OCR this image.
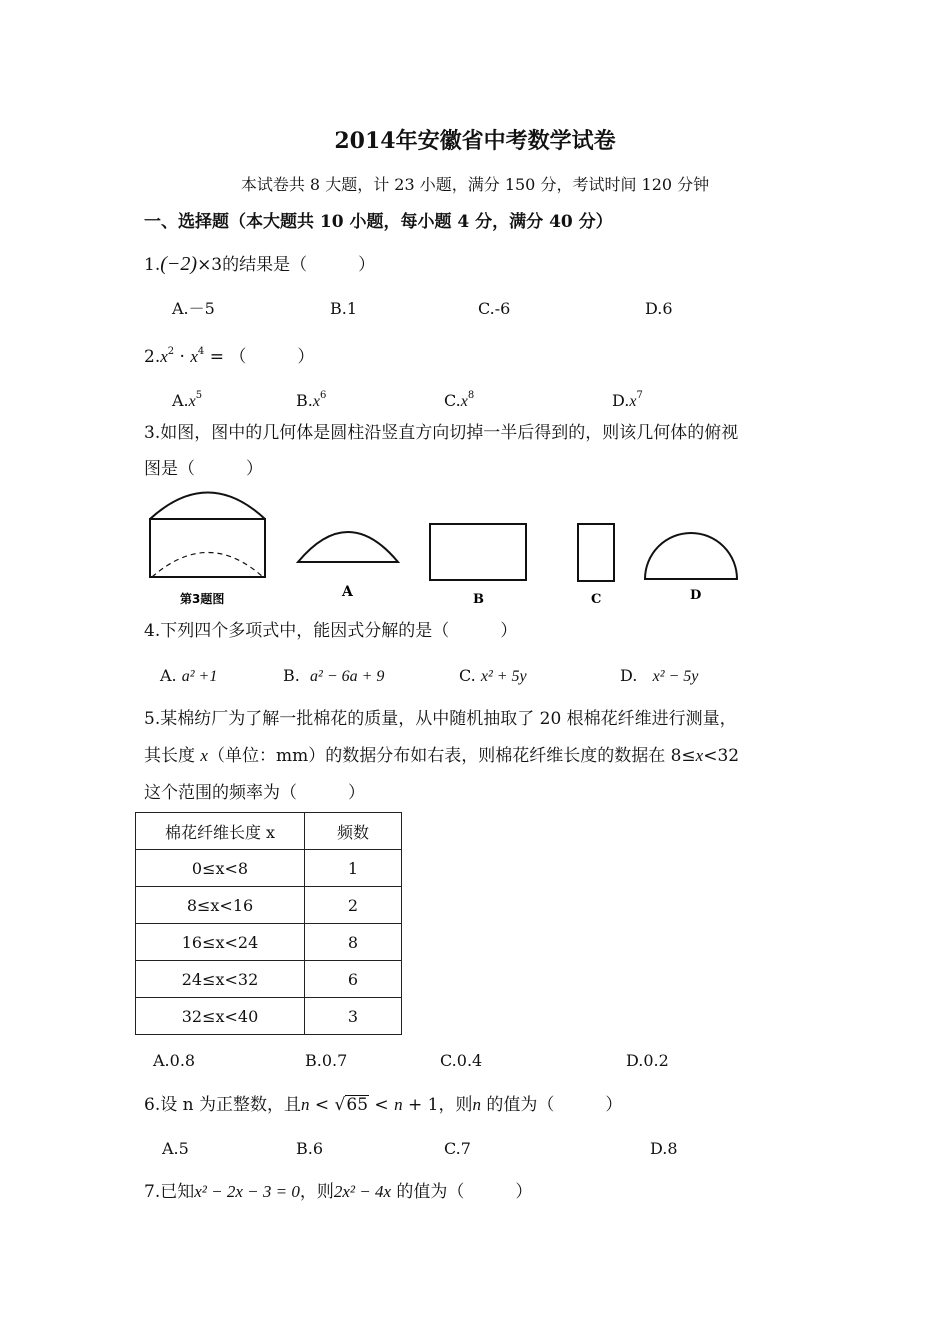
2014年安徽省中考数学试卷
本试卷共 8 大题，计 23 小题，满分 150 分，考试时间 120 分钟
一、选择题（本大题共 10 小题，每小题 4 分，满分 40 分）
1.(−2)×3的结果是（　　　）
A.－5	B.1	C.-6	D.6
$2.x^2 \cdot x^4$ = （　　　）
$A.x^5$	$B.x^6$	$C.x^8$	$D.x^7$
3.如图，图中的几何体是圆柱沿竖直方向切掉一半后得到的，则该几何体的俯视
图是（　　　）
第3题图	A	B	C	D
4.下列四个多项式中，能因式分解的是（　　　）
A. a² +1	B. a² − 6a + 9	C. x² + 5y	D. x² − 5y
5.某棉纺厂为了解一批棉花的质量，从中随机抽取了 20 根棉花纤维进行测量，
其长度 x（单位：mm）的数据分布如右表，则棉花纤维长度的数据在 8≤x<32
这个范围的频率为（　　　）
棉花纤维长度 x	频数
0≤x<8	1
8≤x<16	2
16≤x<24	8
24≤x<32	6
32≤x<40	3
A.0.8	B.0.7	C.0.4	D.0.2
6.设 n 为正整数，且n < √65 < n + 1，则n 的值为（　　　）
A.5	B.6	C.7	D.8
7.已知x² − 2x − 3 = 0，则2x² − 4x 的值为（　　　）
